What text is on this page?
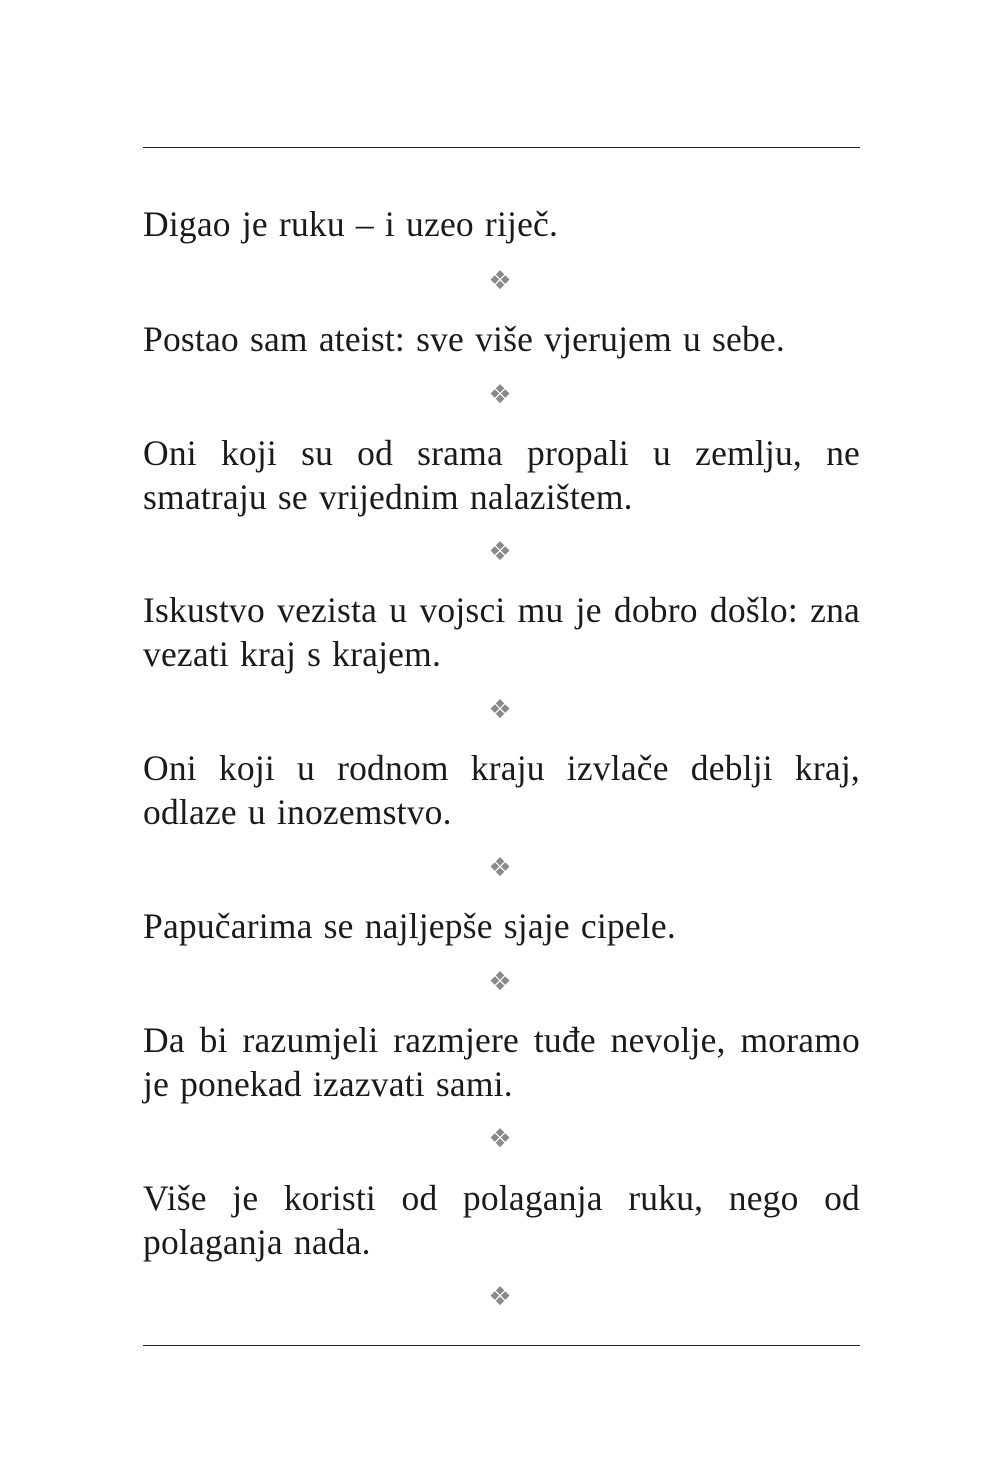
Digao je ruku – i uzeo riječ.

❖

Postao sam ateist: sve više vjerujem u sebe.

❖

Oni koji su od srama propali u zemlju, ne smatraju se vrijednim nalazištem.

❖

Iskustvo vezista u vojsci mu je dobro došlo: zna vezati kraj s krajem.

❖

Oni koji u rodnom kraju izvlače deblji kraj, odlaze u inozemstvo.

❖

Papučarima se najljepše sjaje cipele.

❖

Da bi razumjeli razmjere tuđe nevolje, moramo je ponekad izazvati sami.

❖

Više je koristi od polaganja ruku, nego od polaganja nada.

❖
